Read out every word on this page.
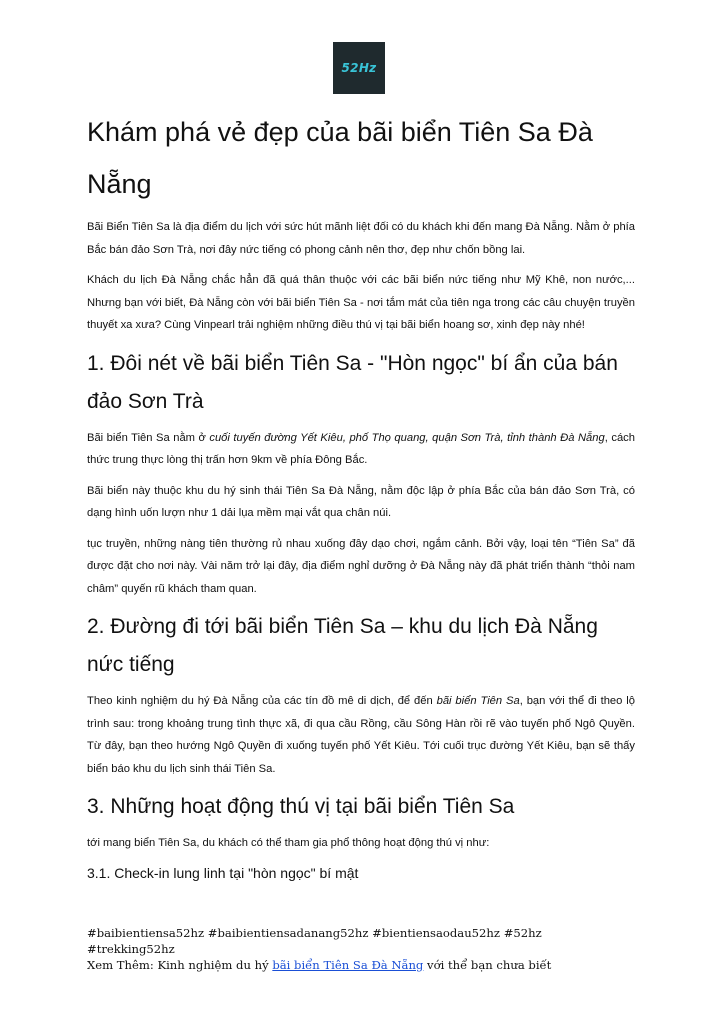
52Hz
Khám phá vẻ đẹp của bãi biển Tiên Sa Đà Nẵng

Bãi Biển Tiên Sa là địa điểm du lịch với sức hút mãnh liệt đối có du khách khi đến mang Đà Nẵng. Nằm ở phía Bắc bán đảo Sơn Trà, nơi đây nức tiếng có phong cảnh nên thơ, đẹp như chốn bồng lai.

Khách du lịch Đà Nẵng chắc hẳn đã quá thân thuộc với các bãi biển nức tiếng như Mỹ Khê, non nước,... Nhưng bạn với biết, Đà Nẵng còn với bãi biển Tiên Sa - nơi tắm mát của tiên nga trong các câu chuyện truyền thuyết xa xưa? Cùng Vinpearl trải nghiệm những điều thú vị tại bãi biển hoang sơ, xinh đẹp này nhé!

1. Đôi nét về bãi biển Tiên Sa - "Hòn ngọc" bí ẩn của bán đảo Sơn Trà

Bãi biển Tiên Sa nằm ở cuối tuyến đường Yết Kiêu, phố Thọ quang, quận Sơn Trà, tỉnh thành Đà Nẵng, cách thức trung thực lòng thị trấn hơn 9km về phía Đông Bắc.

Bãi biển này thuộc khu du hý sinh thái Tiên Sa Đà Nẵng, nằm độc lập ở phía Bắc của bán đảo Sơn Trà, có dạng hình uốn lượn như 1 dải lụa mềm mại vắt qua chân núi.

tục truyền, những nàng tiên thường rủ nhau xuống đây dạo chơi, ngắm cảnh. Bởi vậy, loại tên “Tiên Sa” đã được đặt cho nơi này. Vài năm trở lại đây, địa điểm nghỉ dưỡng ở Đà Nẵng này đã phát triển thành “thỏi nam châm” quyến rũ khách tham quan.

2. Đường đi tới bãi biển Tiên Sa – khu du lịch Đà Nẵng nức tiếng

Theo kinh nghiệm du hý Đà Nẵng của các tín đồ mê di dịch, để đến bãi biển Tiên Sa, bạn với thể đi theo lộ trình sau: trong khoảng trung tình thực xã, đi qua cầu Rồng, cầu Sông Hàn rồi rẽ vào tuyến phố Ngô Quyền. Từ đây, bạn theo hướng Ngô Quyền đi xuống tuyến phố Yết Kiêu. Tới cuối trục đường Yết Kiêu, bạn sẽ thấy biển báo khu du lịch sinh thái Tiên Sa.

3. Những hoạt động thú vị tại bãi biển Tiên Sa

tới mang biển Tiên Sa, du khách có thể tham gia phổ thông hoạt động thú vị như:

3.1. Check-in lung linh tại "hòn ngọc" bí mật
#baibientiensa52hz #baibientiensadanang52hz #bientiensaodau52hz #52hz
#trekking52hz
Xem Thêm: Kinh nghiệm du hý bãi biển Tiên Sa Đà Nẵng với thể bạn chưa biết
